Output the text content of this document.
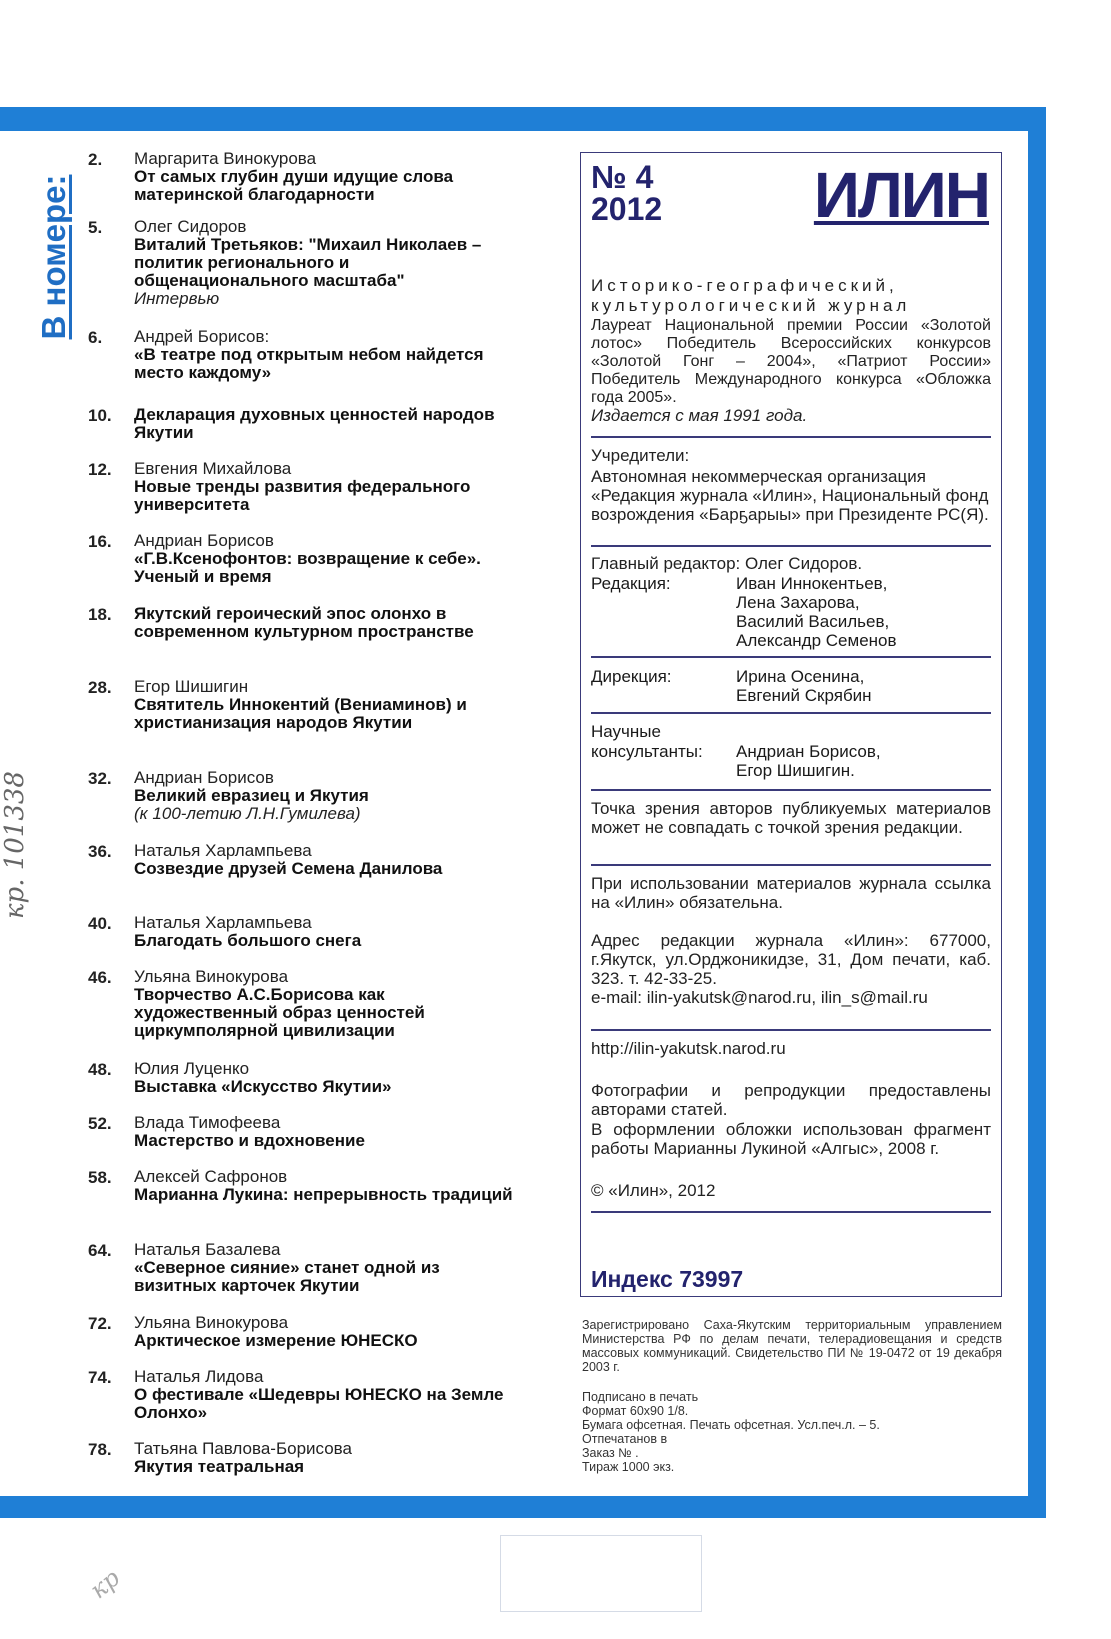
В номере:
кр. 101338
2.	Маргарита Винокурова
От самых глубин души идущие слова материнской благодарности
5.	Олег Сидоров
Виталий Третьяков: "Михаил Николаев – политик регионального и общенационального масштаба"
Интервью
6.	Андрей Борисов:
«В театре под открытым небом найдется место каждому»
10.	Декларация духовных ценностей народов Якутии
12.	Евгения Михайлова
Новые тренды развития федерального университета
16.	Андриан Борисов
«Г.В.Ксенофонтов: возвращение к себе». Ученый и время
18.	Якутский героический эпос олонхо в современном культурном пространстве
28.	Егор Шишигин
Святитель Иннокентий (Вениаминов) и христианизация народов Якутии
32.	Андриан Борисов
Великий евразиец и Якутия
(к 100-летию Л.Н.Гумилева)
36.	Наталья Харлампьева
Созвездие друзей Семена Данилова
40.	Наталья Харлампьева
Благодать большого снега
46.	Ульяна Винокурова
Творчество А.С.Борисова как художественный образ ценностей циркумполярной цивилизации
48.	Юлия Луценко
Выставка «Искусство Якутии»
52.	Влада Тимофеева
Мастерство и вдохновение
58.	Алексей Сафронов
Марианна Лукина: непрерывность традиций
64.	Наталья Базалева
«Северное сияние» станет одной из визитных карточек Якутии
72.	Ульяна Винокурова
Арктическое измерение ЮНЕСКО
74.	Наталья Лидова
О фестивале «Шедевры ЮНЕСКО на Земле Олонхо»
78.	Татьяна Павлова-Борисова
Якутия театральная
№ 4
2012 ИЛИН
Историко-географический,
культурологический журнал
Лауреат Национальной премии России «Золотой лотос» Победитель Всероссийских конкурсов «Золотой Гонг – 2004», «Патриот России» Победитель Международного конкурса «Обложка года 2005».
Издается с мая 1991 года.
Учредители:
Автономная некоммерческая организация «Редакция журнала «Илин», Национальный фонд возрождения «Барҕарыы» при Президенте РС(Я).
Главный редактор: Олег Сидоров.
Редакция:	Иван Иннокентьев,
Лена Захарова,
Василий Васильев,
Александр Семенов
Дирекция:	Ирина Осенина,
Евгений Скрябин
Научные
консультанты: Андриан Борисов,
Егор Шишигин.
Точка зрения авторов публикуемых материалов может не совпадать с точкой зрения редакции.
При использовании материалов журнала ссылка на «Илин» обязательна.
Адрес редакции журнала «Илин»: 677000, г.Якутск, ул.Орджоникидзе, 31, Дом печати, каб. 323. т. 42-33-25.
e-mail: ilin-yakutsk@narod.ru, ilin_s@mail.ru
http://ilin-yakutsk.narod.ru
Фотографии и репродукции предоставлены авторами статей.
В оформлении обложки использован фрагмент работы Марианны Лукиной «Алгыс», 2008 г.
© «Илин», 2012
Индекс 73997
Зарегистрировано Саха-Якутским территориальным управлением Министерства РФ по делам печати, телерадиовещания и средств массовых коммуникаций. Свидетельство ПИ № 19-0472 от 19 декабря 2003 г.
Подписано в печать
Формат 60х90 1/8.
Бумага офсетная. Печать офсетная. Усл.печ.л. – 5.
Отпечатанов в
Заказ № .
Тираж 1000 экз.
кр
